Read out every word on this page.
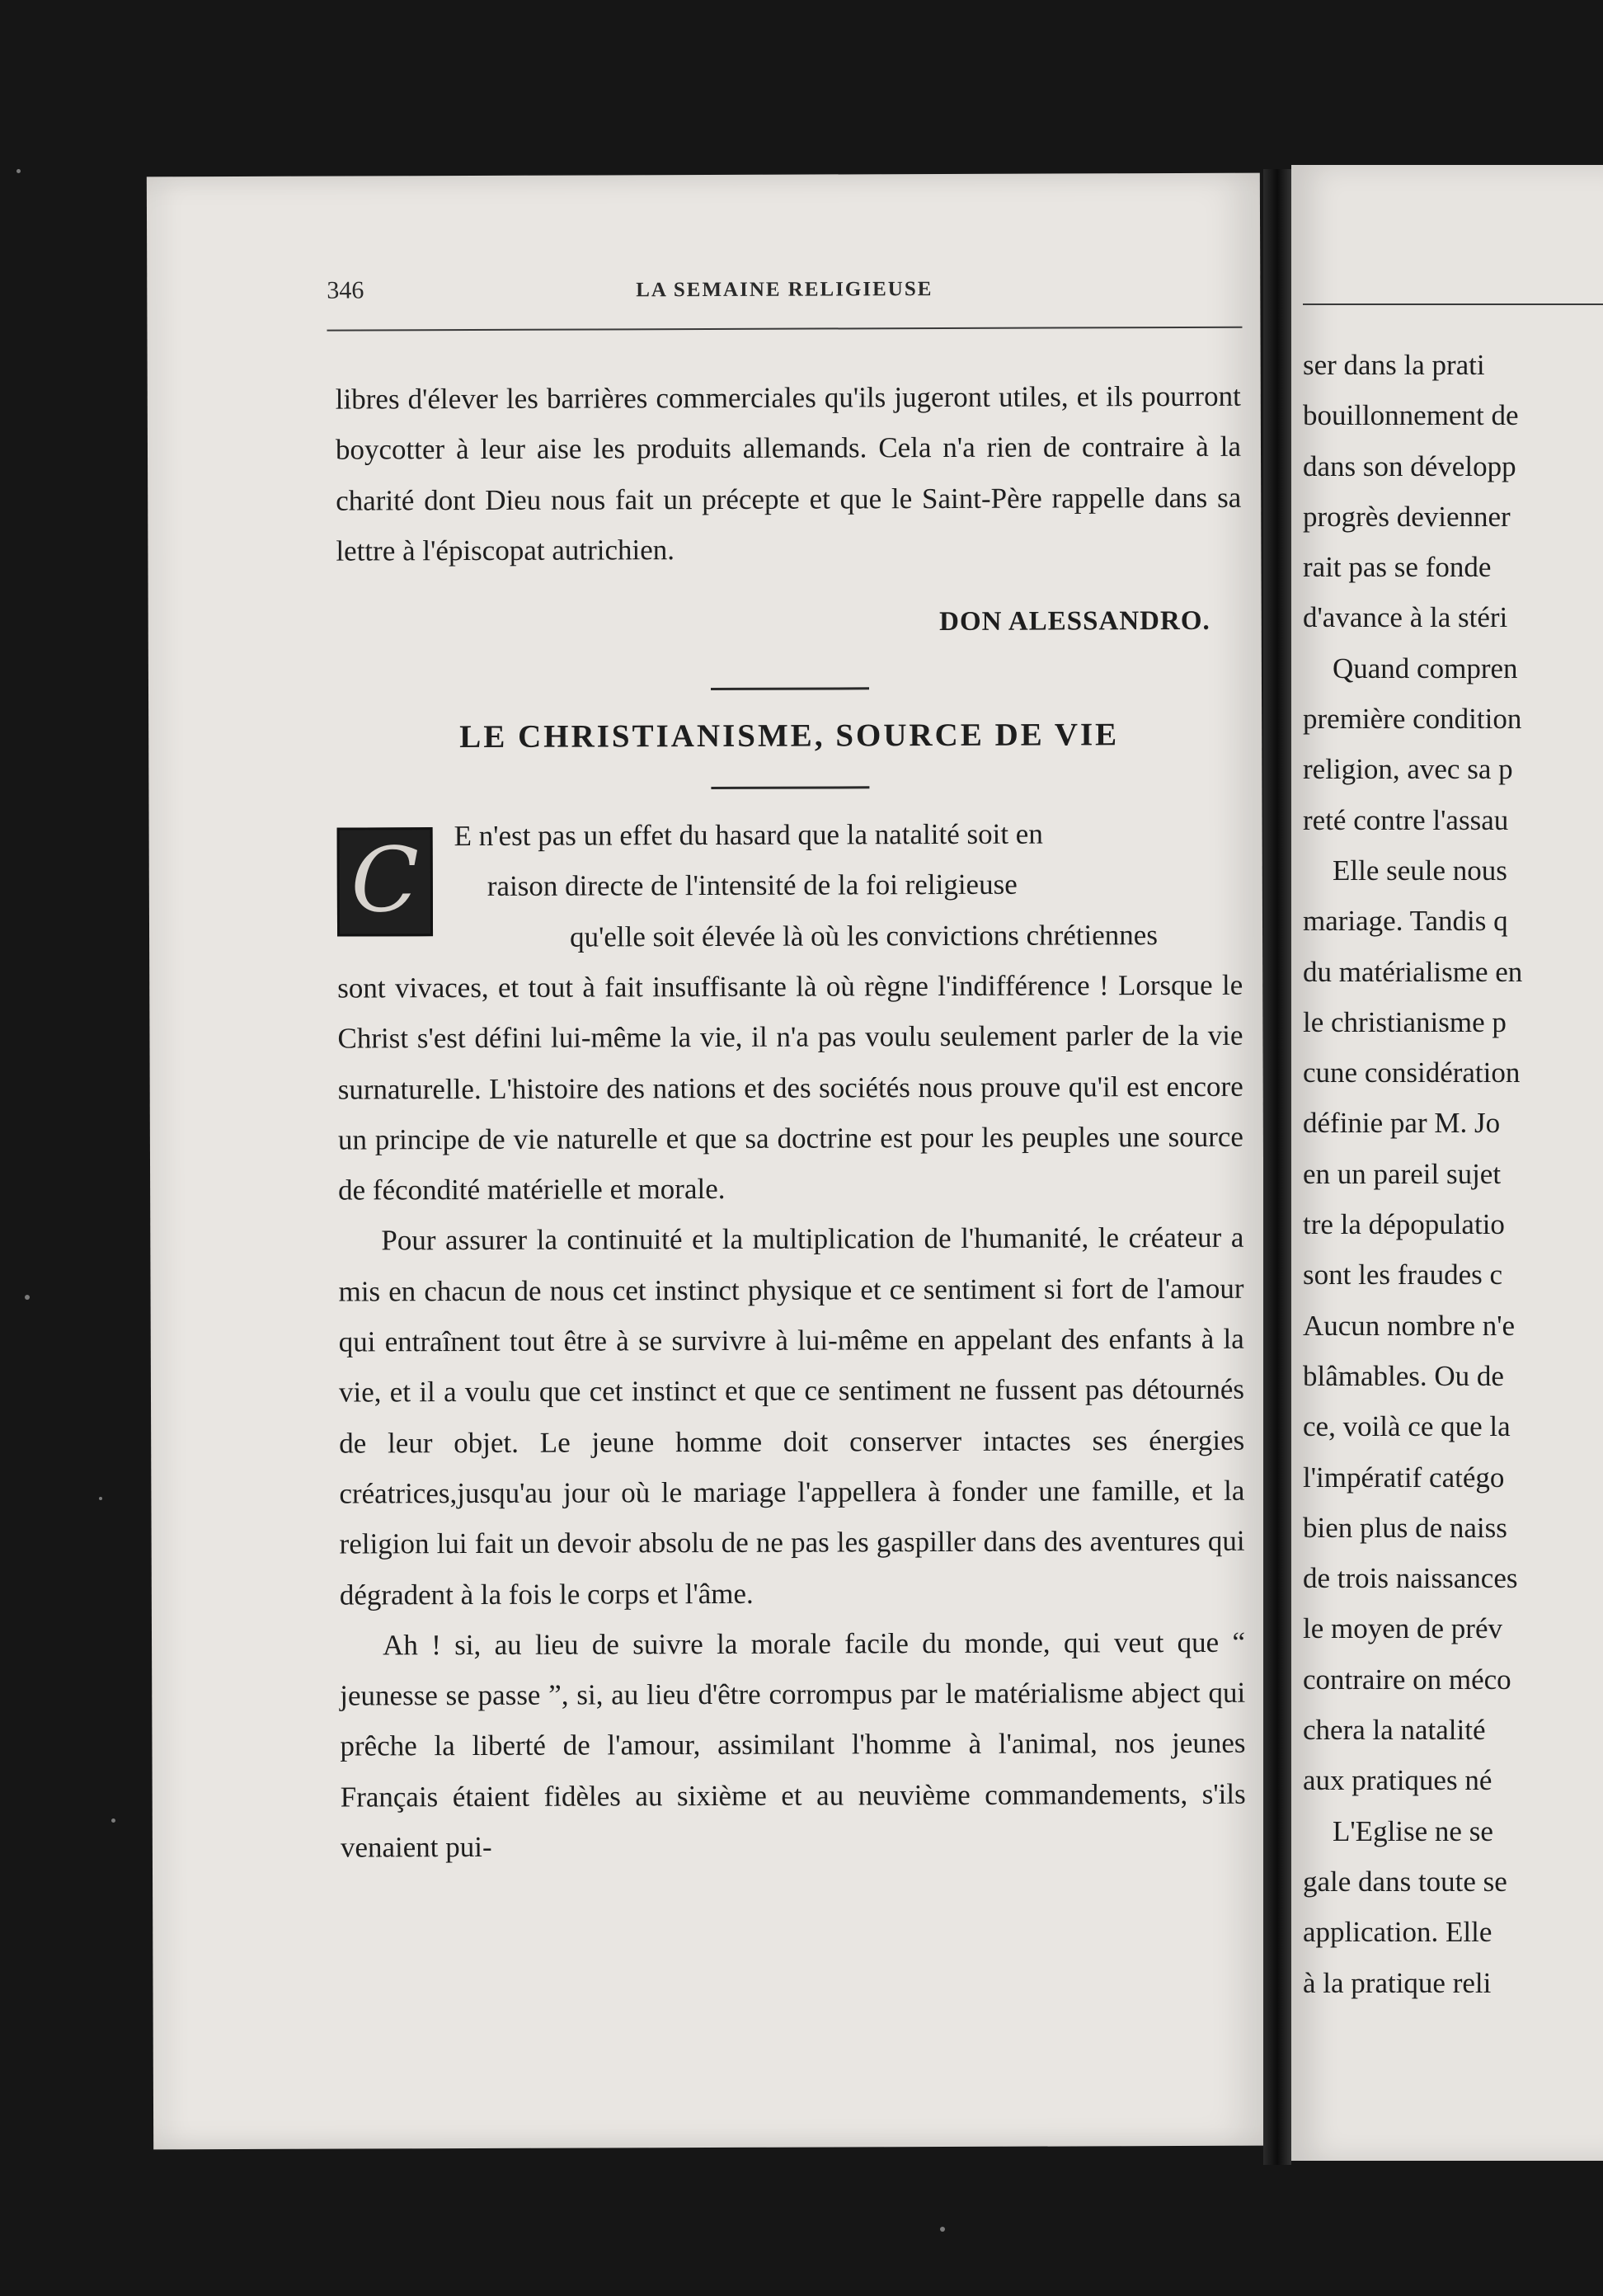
346	LA SEMAINE RELIGIEUSE

libres d'élever les barrières commerciales qu'ils jugeront utiles, et ils pourront boycotter à leur aise les produits allemands. Cela n'a rien de contraire à la charité dont Dieu nous fait un précepte et que le Saint-Père rappelle dans sa lettre à l'épiscopat autrichien.

DON ALESSANDRO.
LE CHRISTIANISME, SOURCE DE VIE
C	E n'est pas un effet du hasard que la natalité soit en
raison directe de l'intensité de la foi religieuse
qu'elle soit élevée là où les convictions chrétiennes

sont vivaces, et tout à fait insuffisante là où règne l'indifférence ! Lorsque le Christ s'est défini lui-même la vie, il n'a pas voulu seulement parler de la vie surnaturelle. L'histoire des nations et des sociétés nous prouve qu'il est encore un principe de vie naturelle et que sa doctrine est pour les peuples une source de fécondité matérielle et morale.

Pour assurer la continuité et la multiplication de l'humanité, le créateur a mis en chacun de nous cet instinct physique et ce sentiment si fort de l'amour qui entraînent tout être à se survivre à lui-même en appelant des enfants à la vie, et il a voulu que cet instinct et que ce sentiment ne fussent pas détournés de leur objet. Le jeune homme doit conserver intactes ses énergies créatrices,jusqu'au jour où le mariage l'appellera à fonder une famille, et la religion lui fait un devoir absolu de ne pas les gaspiller dans des aventures qui dégradent à la fois le corps et l'âme.

Ah ! si, au lieu de suivre la morale facile du monde, qui veut que “ jeunesse se passe ”, si, au lieu d'être corrompus par le matérialisme abject qui prêche la liberté de l'amour, assimilant l'homme à l'animal, nos jeunes Français étaient fidèles au sixième et au neuvième commandements, s'ils venaient pui-

ser dans la prati
bouillonnement de
dans son développ
progrès devienner
rait pas se fonde
d'avance à la stéri
Quand compren
première condition
religion, avec sa p
reté contre l'assau
Elle seule nous
mariage. Tandis q
du matérialisme en
le christianisme p
cune considération
définie par M. Jo
en un pareil sujet
tre la dépopulatio
sont les fraudes c
Aucun nombre n'e
blâmables. Ou de
ce, voilà ce que la
l'impératif catégo
bien plus de naiss
de trois naissances
le moyen de prév
contraire on méco
chera la natalité
aux pratiques né
L'Eglise ne se
gale dans toute se
application. Elle
à la pratique reli
